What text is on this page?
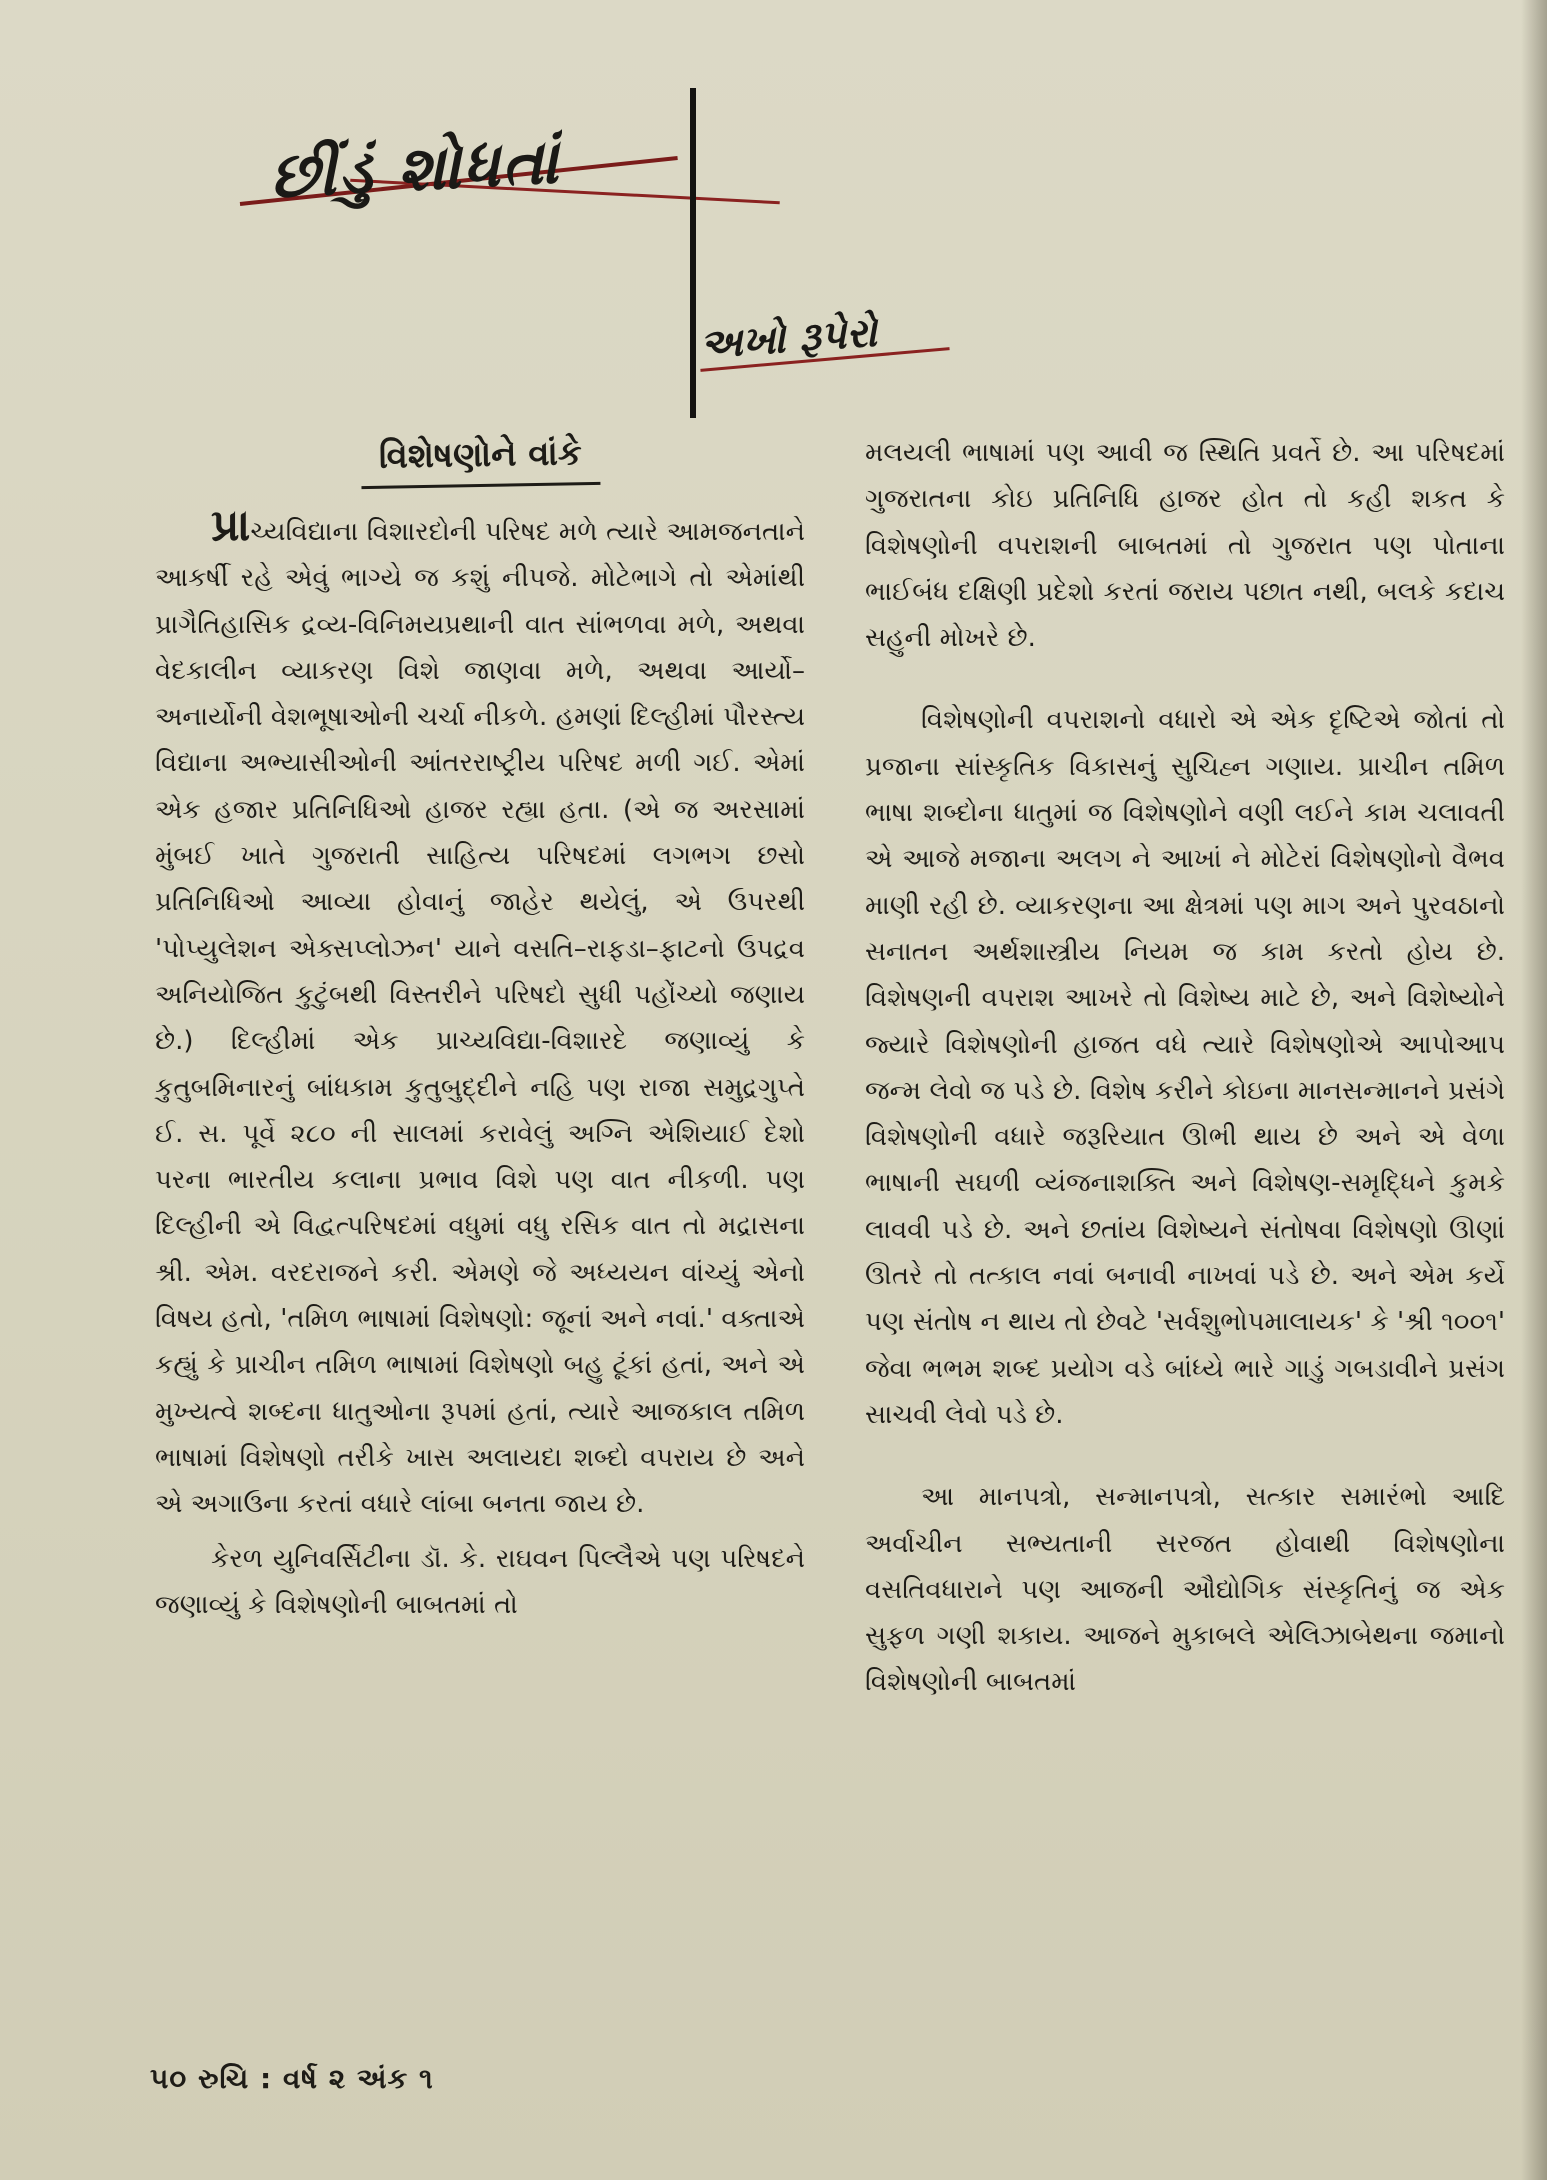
છીંડું શોધતાં
અખો રૂપેરો
વિશેષણોને વાંકે

પ્રાચ્યવિદ્યાના વિશારદોની પરિષદ મળે ત્યારે આમજનતાને આકર્ષી રહે એવું ભાગ્યે જ કશું નીપજે. મોટેભાગે તો એમાંથી પ્રાગૈતિહાસિક દ્રવ્ય-વિનિમયપ્રથાની વાત સાંભળવા મળે, અથવા વેદકાલીન વ્યાકરણ વિશે જાણવા મળે, અથવા આર્યો–અનાર્યોની વેશભૂષાઓની ચર્ચા નીકળે. હમણાં દિલ્હીમાં પૌરસ્ત્ય વિદ્યાના અભ્યાસીઓની આંતરરાષ્ટ્રીય પરિષદ મળી ગઈ. એમાં એક હજાર પ્રતિનિધિઓ હાજર રહ્યા હતા. (એ જ અરસામાં મુંબઈ ખાતે ગુજરાતી સાહિત્ય પરિષદમાં લગભગ છસો પ્રતિનિધિઓ આવ્યા હોવાનું જાહેર થયેલું, એ ઉપરથી 'પોપ્યુલેશન એક્સપ્લોઝન' યાને વસતિ–રાફડા–ફાટનો ઉપદ્રવ અનિયોજિત કુટુંબથી વિસ્તરીને પરિષદો સુધી પહોંચ્યો જણાય છે.) દિલ્હીમાં એક પ્રાચ્યવિદ્યા-વિશારદે જણાવ્યું કે કુતુબમિનારનું બાંધકામ કુતુબુદ્દીને નહિ પણ રાજા સમુદ્રગુપ્તે ઈ. સ. પૂર્વે ૨૮૦ ની સાલમાં કરાવેલું અગ્નિ એશિયાઈ દેશો પરના ભારતીય કલાના પ્રભાવ વિશે પણ વાત નીકળી. પણ દિલ્હીની એ વિદ્વત્પરિષદમાં વધુમાં વધુ રસિક વાત તો મદ્રાસના શ્રી. એમ. વરદરાજને કરી. એમણે જે અધ્યયન વાંચ્યું એનો વિષય હતો, 'તમિળ ભાષામાં વિશેષણો: જૂનાં અને નવાં.' વક્તાએ કહ્યું કે પ્રાચીન તમિળ ભાષામાં વિશેષણો બહુ ટૂંકાં હતાં, અને એ મુખ્યત્વે શબ્દના ધાતુઓના રૂપમાં હતાં, ત્યારે આજકાલ તમિળ ભાષામાં વિશેષણો તરીકે ખાસ અલાયદા શબ્દો વપરાય છે અને એ અગાઉના કરતાં વધારે લાંબા બનતા જાય છે.

કેરળ યુનિવર્સિટીના ડૉ. કે. રાઘવન પિલ્લૈએ પણ પરિષદને જણાવ્યું કે વિશેષણોની બાબતમાં તો

મલયલી ભાષામાં પણ આવી જ સ્થિતિ પ્રવર્તે છે. આ પરિષદમાં ગુજરાતના કોઇ પ્રતિનિધિ હાજર હોત તો કહી શકત કે વિશેષણોની વપરાશની બાબતમાં તો ગુજરાત પણ પોતાના ભાઈબંધ દક્ષિણી પ્રદેશો કરતાં જરાય પછાત નથી, બલકે કદાચ સહુની મોખરે છે.

વિશેષણોની વપરાશનો વધારો એ એક દૃષ્ટિએ જોતાં તો પ્રજાના સાંસ્કૃતિક વિકાસનું સુચિહ્ન ગણાય. પ્રાચીન તમિળ ભાષા શબ્દોના ધાતુમાં જ વિશેષણોને વણી લઈને કામ ચલાવતી એ આજે મજાના અલગ ને આખાં ને મોટેરાં વિશેષણોનો વૈભવ માણી રહી છે. વ્યાકરણના આ ક્ષેત્રમાં પણ માગ અને પુરવઠાનો સનાતન અર્થશાસ્ત્રીય નિયમ જ કામ કરતો હોય છે. વિશેષણની વપરાશ આખરે તો વિશેષ્ય માટે છે, અને વિશેષ્યોને જ્યારે વિશેષણોની હાજત વધે ત્યારે વિશેષણોએ આપોઆપ જન્મ લેવો જ પડે છે. વિશેષ કરીને કોઇના માનસન્માનને પ્રસંગે વિશેષણોની વધારે જરૂરિયાત ઊભી થાય છે અને એ વેળા ભાષાની સઘળી વ્યંજનાશક્તિ અને વિશેષણ-સમૃદ્ધિને કુમકે લાવવી પડે છે. અને છતાંય વિશેષ્યને સંતોષવા વિશેષણો ઊણાં ઊતરે તો તત્કાલ નવાં બનાવી નાખવાં પડે છે. અને એમ કર્યે પણ સંતોષ ન થાય તો છેવટે 'સર્વશુભોપમાલાયક' કે 'શ્રી ૧૦૦૧' જેવા ભભમ શબ્દ પ્રયોગ વડે બાંધ્યે ભારે ગાડું ગબડાવીને પ્રસંગ સાચવી લેવો પડે છે.

આ માનપત્રો, સન્માનપત્રો, સત્કાર સમારંભો આદિ અર્વાચીન સભ્યતાની સરજત હોવાથી વિશેષણોના વસતિવધારાને પણ આજની ઔદ્યોગિક સંસ્કૃતિનું જ એક સુફળ ગણી શકાય. આજને મુકાબલે એલિઝાબેથના જમાનો વિશેષણોની બાબતમાં

૫૦ રુચિ : વર્ષ ૨ અંક ૧
